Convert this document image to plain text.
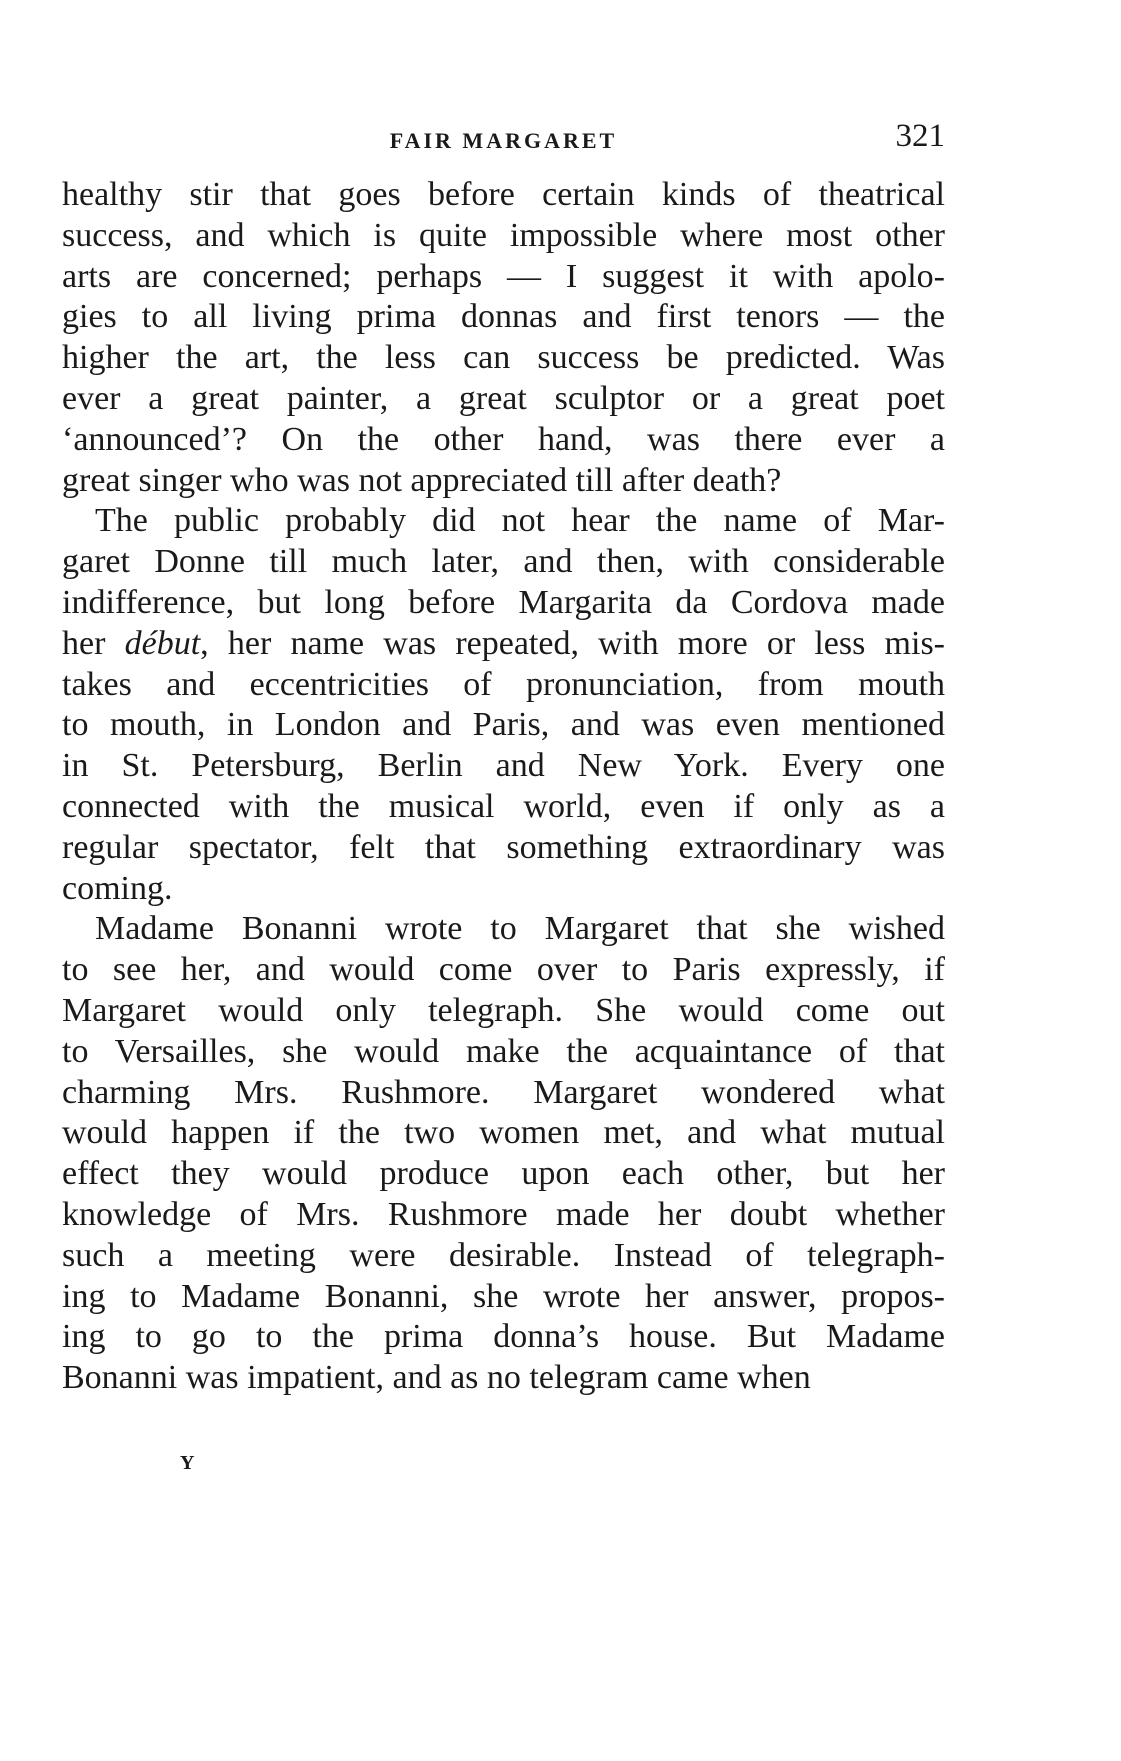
FAIR MARGARET	321
healthy stir that goes before certain kinds of theatrical
success, and which is quite impossible where most other
arts are concerned; perhaps — I suggest it with apolo-
gies to all living prima donnas and first tenors — the
higher the art, the less can success be predicted. Was
ever a great painter, a great sculptor or a great poet
‘announced’? On the other hand, was there ever a
great singer who was not appreciated till after death?
The public probably did not hear the name of Mar-
garet Donne till much later, and then, with considerable
indifference, but long before Margarita da Cordova made
her début, her name was repeated, with more or less mis-
takes and eccentricities of pronunciation, from mouth
to mouth, in London and Paris, and was even mentioned
in St. Petersburg, Berlin and New York. Every one
connected with the musical world, even if only as a
regular spectator, felt that something extraordinary was
coming.
Madame Bonanni wrote to Margaret that she wished
to see her, and would come over to Paris expressly, if
Margaret would only telegraph. She would come out
to Versailles, she would make the acquaintance of that
charming Mrs. Rushmore. Margaret wondered what
would happen if the two women met, and what mutual
effect they would produce upon each other, but her
knowledge of Mrs. Rushmore made her doubt whether
such a meeting were desirable. Instead of telegraph-
ing to Madame Bonanni, she wrote her answer, propos-
ing to go to the prima donna’s house. But Madame
Bonanni was impatient, and as no telegram came when
Y
